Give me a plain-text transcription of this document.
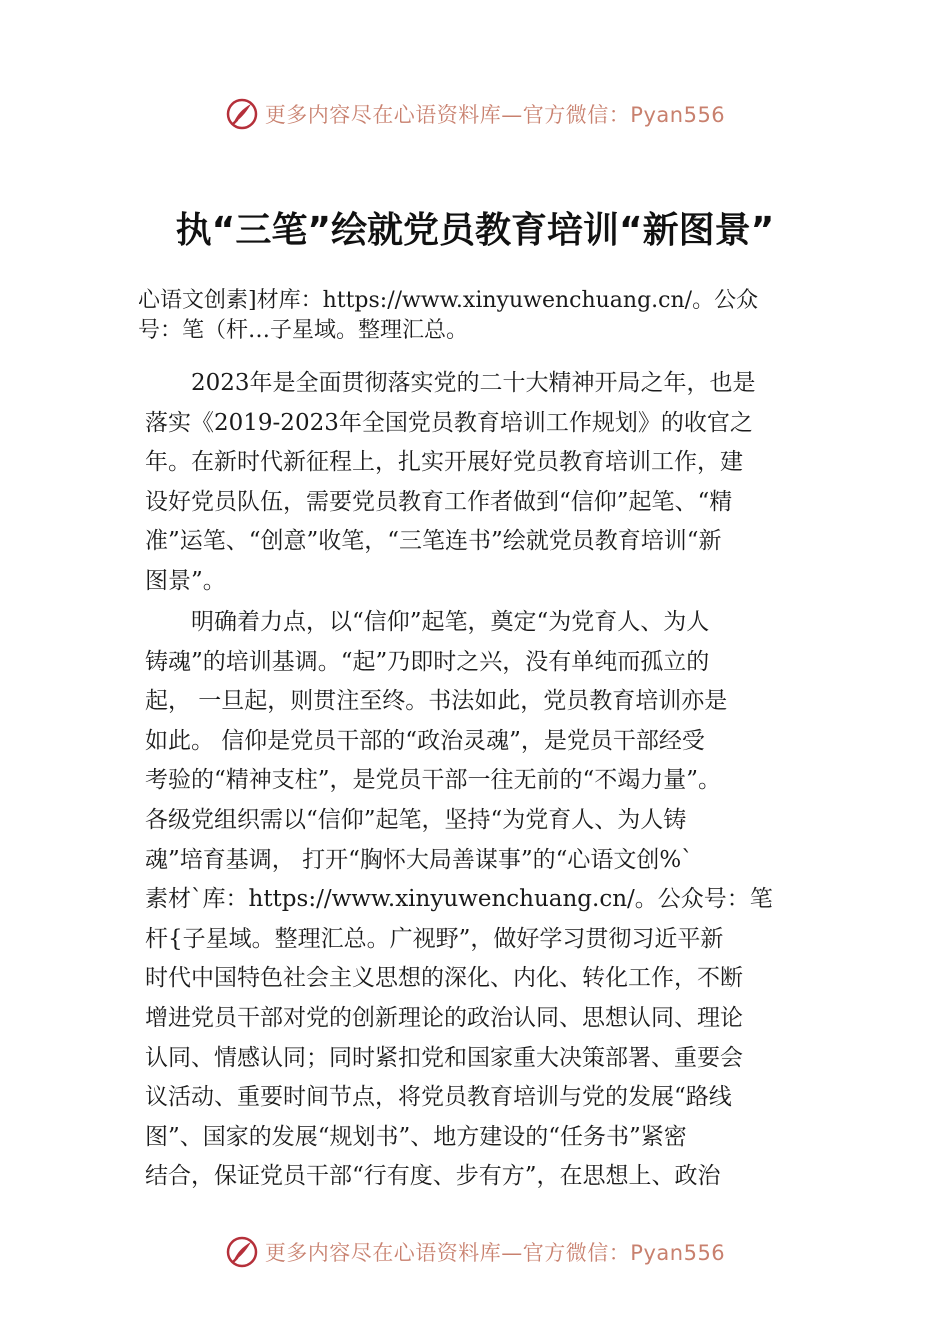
更多内容尽在心语资料库—官方微信：Pyan556
执“三笔”绘就党员教育培训“新图景”
心语文创素]材库：https://www.xinyuwenchuang.cn/。公众
号：笔（杆…子星域。整理汇总。
　　2023年是全面贯彻落实党的二十大精神开局之年，也是
落实《2019-2023年全国党员教育培训工作规划》的收官之
年。在新时代新征程上，扎实开展好党员教育培训工作，建
设好党员队伍，需要党员教育工作者做到“信仰”起笔、“精
准”运笔、“创意”收笔，“三笔连书”绘就党员教育培训“新
图景”。
　　明确着力点，以“信仰”起笔，奠定“为党育人、为人
铸魂”的培训基调。“起”乃即时之兴，没有单纯而孤立的
起， 一旦起，则贯注至终。书法如此，党员教育培训亦是
如此。 信仰是党员干部的“政治灵魂”，是党员干部经受
考验的“精神支柱”，是党员干部一往无前的“不竭力量”。
各级党组织需以“信仰”起笔，坚持“为党育人、为人铸
魂”培育基调， 打开“胸怀大局善谋事”的“心语文创%`
素材`库：https://www.xinyuwenchuang.cn/。公众号：笔
杆{子星域。整理汇总。广视野”，做好学习贯彻习近平新
时代中国特色社会主义思想的深化、内化、转化工作，不断
增进党员干部对党的创新理论的政治认同、思想认同、理论
认同、情感认同；同时紧扣党和国家重大决策部署、重要会
议活动、重要时间节点，将党员教育培训与党的发展“路线
图”、国家的发展“规划书”、地方建设的“任务书”紧密
结合，保证党员干部“行有度、步有方”，在思想上、政治
更多内容尽在心语资料库—官方微信：Pyan556
